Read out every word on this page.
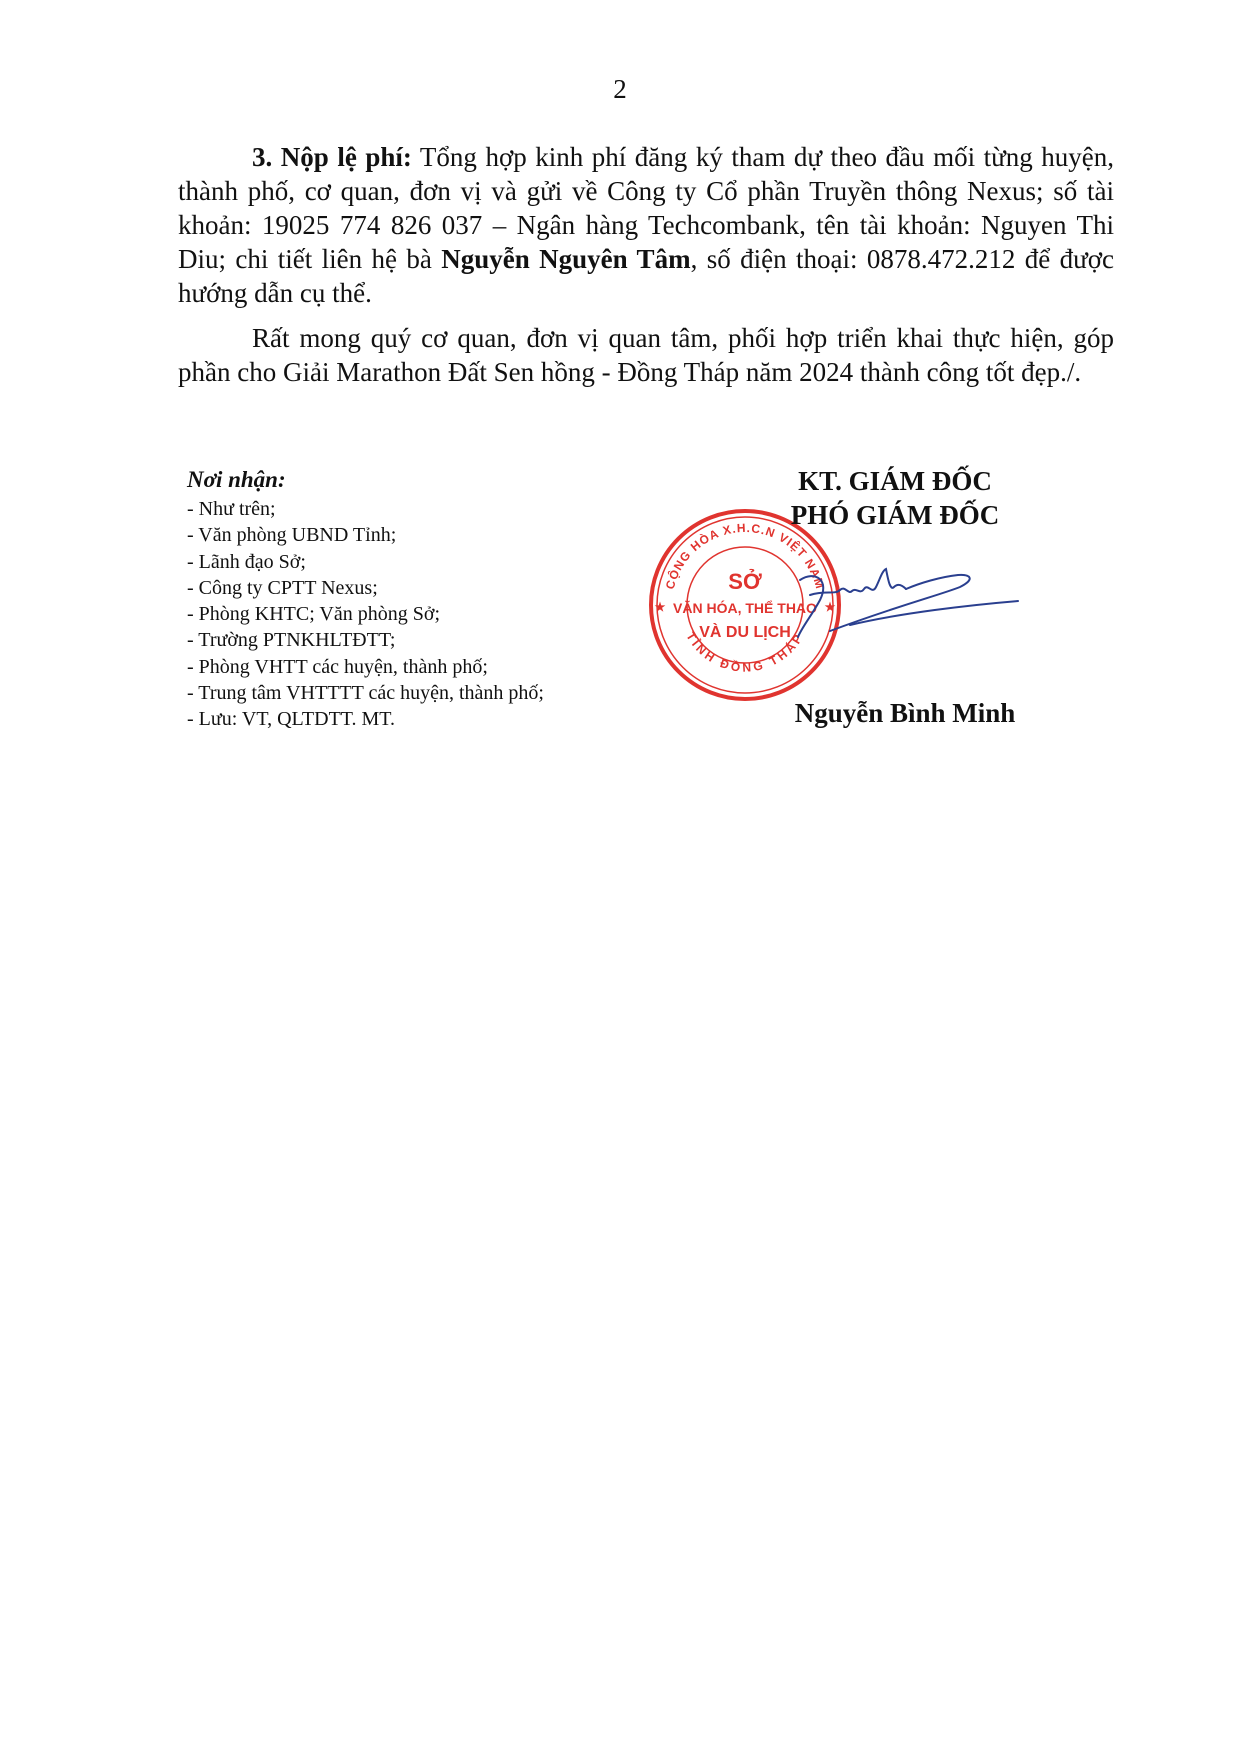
2

3. Nộp lệ phí: Tổng hợp kinh phí đăng ký tham dự theo đầu mối từng huyện, thành phố, cơ quan, đơn vị và gửi về Công ty Cổ phần Truyền thông Nexus; số tài khoản: 19025 774 826 037 – Ngân hàng Techcombank, tên tài khoản: Nguyen Thi Diu; chi tiết liên hệ bà Nguyễn Nguyên Tâm, số điện thoại: 0878.472.212 để được hướng dẫn cụ thể.

Rất mong quý cơ quan, đơn vị quan tâm, phối hợp triển khai thực hiện, góp phần cho Giải Marathon Đất Sen hồng - Đồng Tháp năm 2024 thành công tốt đẹp./.

Nơi nhận:
- Như trên;
- Văn phòng UBND Tỉnh;
- Lãnh đạo Sở;
- Công ty CPTT Nexus;
- Phòng KHTC; Văn phòng Sở;
- Trường PTNKHLTĐTT;
- Phòng VHTT các huyện, thành phố;
- Trung tâm VHTTTT các huyện, thành phố;
- Lưu: VT, QLTDTT. MT.
CỘNG HÒA X.H.C.N VIỆT NAM
TỈNH ĐỒNG THÁP
SỞ
VĂN HÓA, THỂ THAO
VÀ DU LỊCH
★	★
KT. GIÁM ĐỐC
PHÓ GIÁM ĐỐC
Nguyễn Bình Minh
